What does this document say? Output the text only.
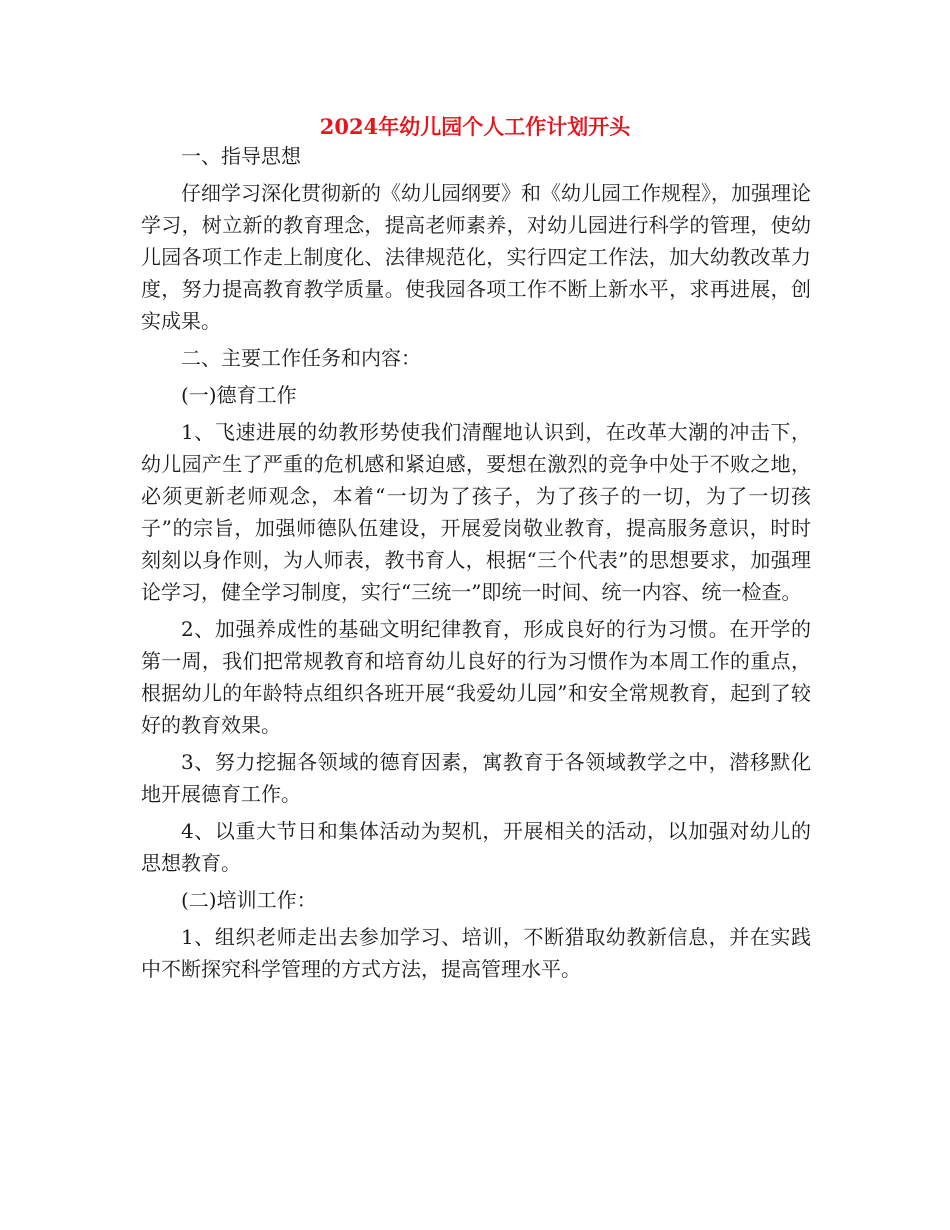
2024年幼儿园个人工作计划开头

一、指导思想

仔细学习深化贯彻新的《幼儿园纲要》和《幼儿园工作规程》，加强理论学习，树立新的教育理念，提高老师素养，对幼儿园进行科学的管理，使幼儿园各项工作走上制度化、法律规范化，实行四定工作法，加大幼教改革力度，努力提高教育教学质量。使我园各项工作不断上新水平，求再进展，创实成果。

二、主要工作任务和内容：

(一)德育工作

1、飞速进展的幼教形势使我们清醒地认识到，在改革大潮的冲击下，幼儿园产生了严重的危机感和紧迫感，要想在激烈的竞争中处于不败之地，必须更新老师观念，本着“一切为了孩子，为了孩子的一切，为了一切孩子”的宗旨，加强师德队伍建设，开展爱岗敬业教育，提高服务意识，时时刻刻以身作则，为人师表，教书育人，根据“三个代表”的思想要求，加强理论学习，健全学习制度，实行“三统一”即统一时间、统一内容、统一检查。

2、加强养成性的基础文明纪律教育，形成良好的行为习惯。在开学的第一周，我们把常规教育和培育幼儿良好的行为习惯作为本周工作的重点，根据幼儿的年龄特点组织各班开展“我爱幼儿园”和安全常规教育，起到了较好的教育效果。

3、努力挖掘各领域的德育因素，寓教育于各领域教学之中，潜移默化地开展德育工作。

4、以重大节日和集体活动为契机，开展相关的活动，以加强对幼儿的思想教育。

(二)培训工作：

1、组织老师走出去参加学习、培训，不断猎取幼教新信息，并在实践中不断探究科学管理的方式方法，提高管理水平。
